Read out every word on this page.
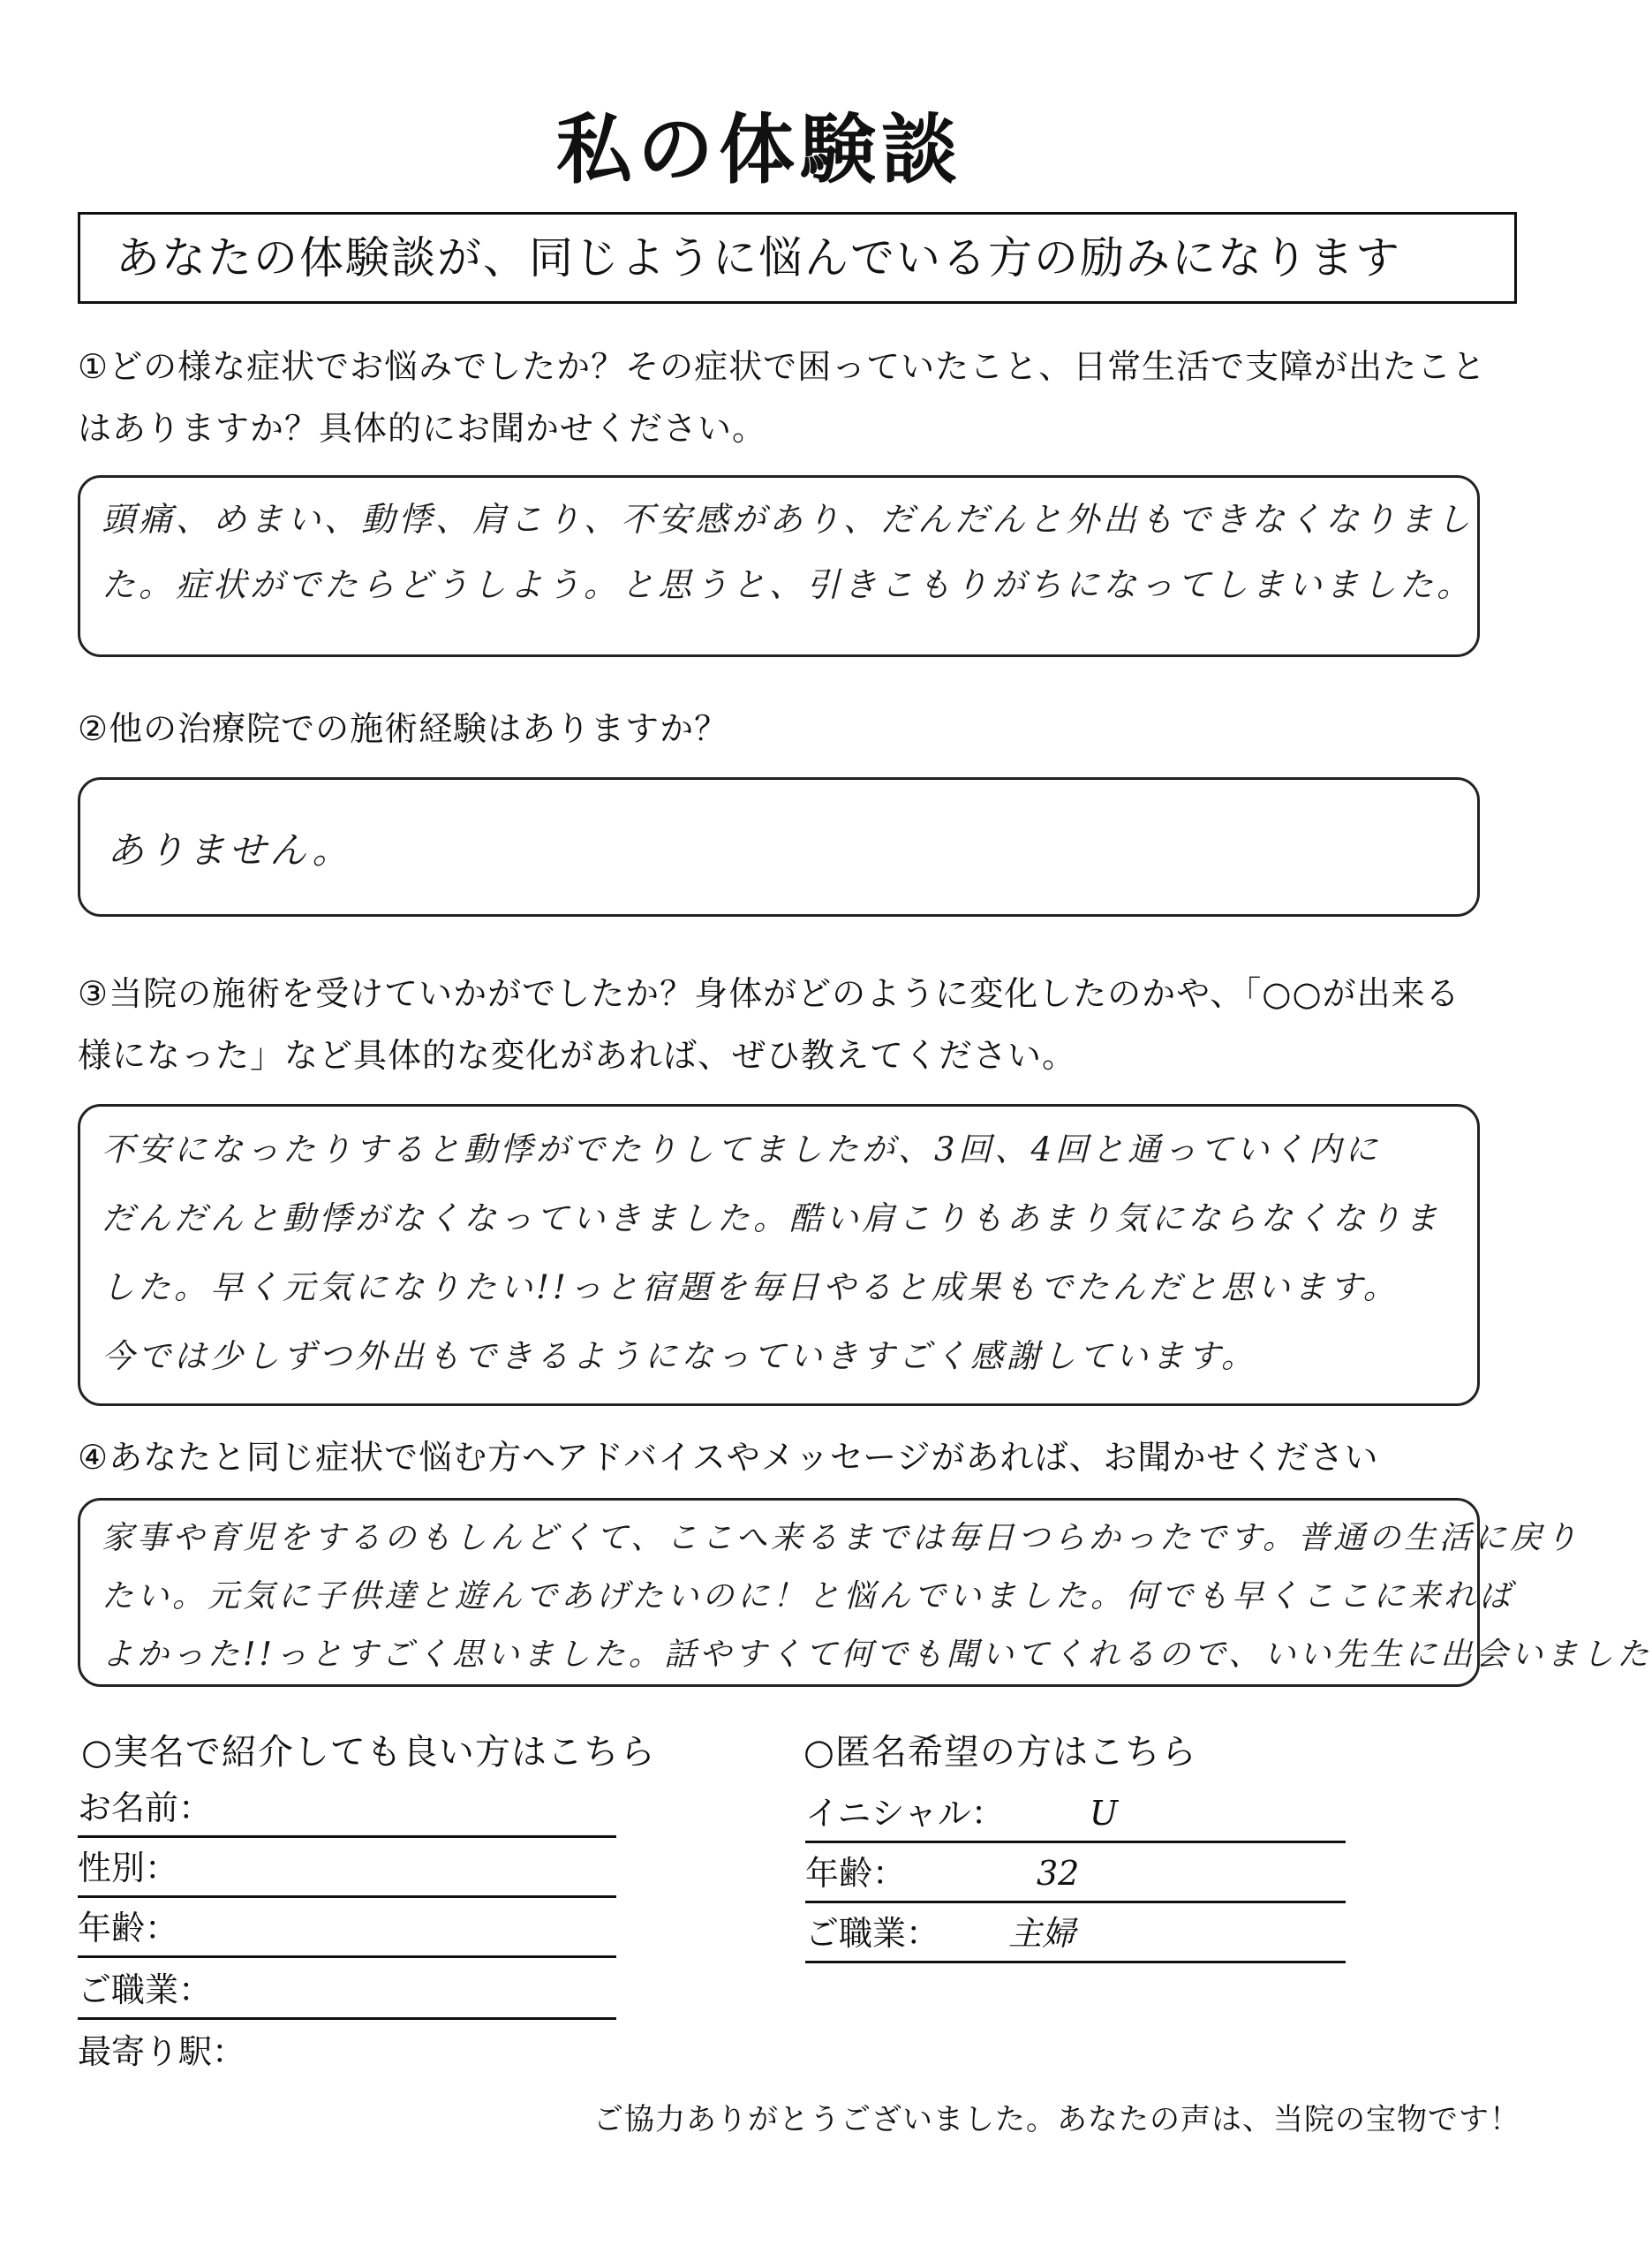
私の体験談
あなたの体験談が、同じように悩んでいる方の励みになります
①どの様な症状でお悩みでしたか？その症状で困っていたこと、日常生活で支障が出たこと
はありますか？具体的にお聞かせください。
頭痛、めまい、動悸、肩こり、不安感があり、だんだんと外出もできなくなりまし
た。症状がでたらどうしよう。と思うと、引きこもりがちになってしまいました。
②他の治療院での施術経験はありますか？
ありません。
③当院の施術を受けていかがでしたか？身体がどのように変化したのかや、「○○が出来る
様になった」など具体的な変化があれば、ぜひ教えてください。
不安になったりすると動悸がでたりしてましたが、3回、4回と通っていく内に
だんだんと動悸がなくなっていきました。酷い肩こりもあまり気にならなくなりま
した。早く元気になりたい!!っと宿題を毎日やると成果もでたんだと思います。
今では少しずつ外出もできるようになっていきすごく感謝しています。
④あなたと同じ症状で悩む方へアドバイスやメッセージがあれば、お聞かせください
家事や育児をするのもしんどくて、ここへ来るまでは毎日つらかったです。普通の生活に戻り
たい。元気に子供達と遊んであげたいのに！と悩んでいました。何でも早くここに来れば
よかった!!っとすごく思いました。話やすくて何でも聞いてくれるので、いい先生に出会いました
○実名で紹介しても良い方はこちら
お名前：
性別：
年齢：
ご職業：
最寄り駅：
○匿名希望の方はこちら
イニシャル：	U
年齢：	32
ご職業： 主婦
ご協力ありがとうございました。あなたの声は、当院の宝物です！
